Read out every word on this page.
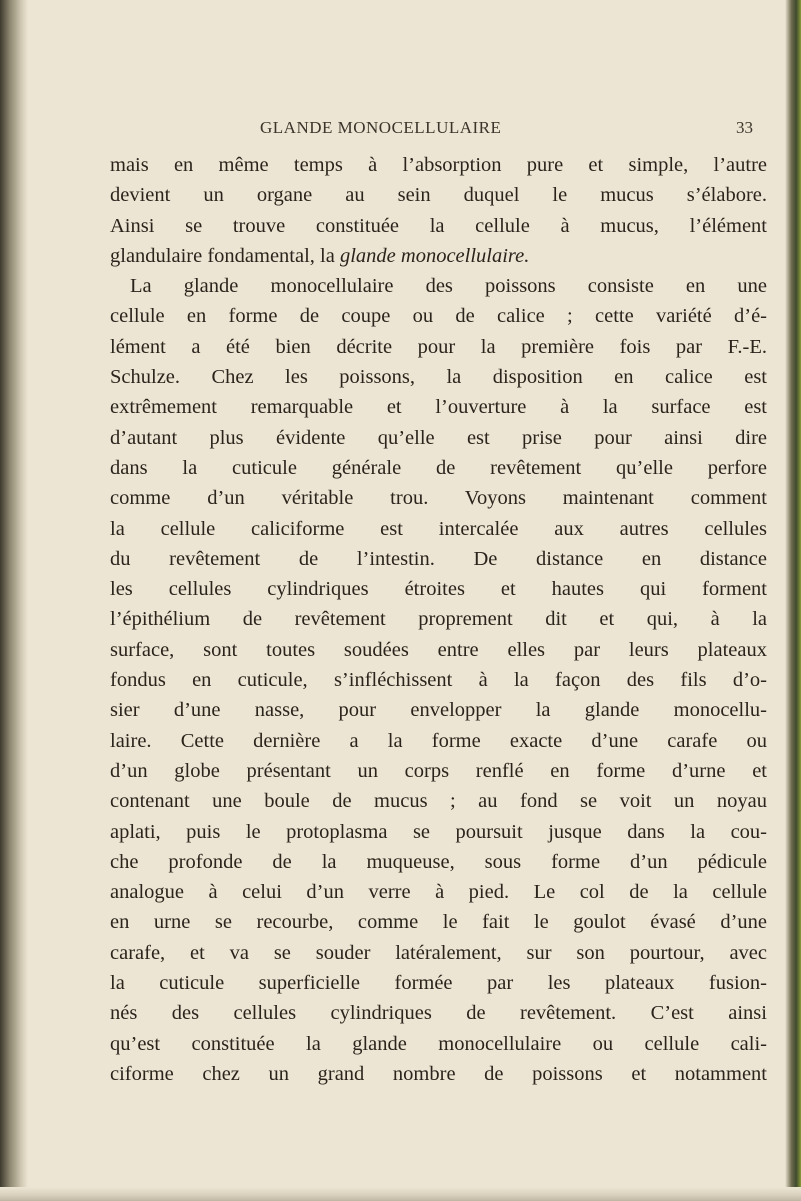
GLANDE MONOCELLULAIRE	33
mais en même temps à l’absorption pure et simple, l’autre
devient un organe au sein duquel le mucus s’élabore.
Ainsi se trouve constituée la cellule à mucus, l’élément
glandulaire fondamental, la glande monocellulaire.
La glande monocellulaire des poissons consiste en une
cellule en forme de coupe ou de calice ; cette variété d’é-
lément a été bien décrite pour la première fois par F.-E.
Schulze. Chez les poissons, la disposition en calice est
extrêmement remarquable et l’ouverture à la surface est
d’autant plus évidente qu’elle est prise pour ainsi dire
dans la cuticule générale de revêtement qu’elle perfore
comme d’un véritable trou. Voyons maintenant comment
la cellule caliciforme est intercalée aux autres cellules
du revêtement de l’intestin. De distance en distance
les cellules cylindriques étroites et hautes qui forment
l’épithélium de revêtement proprement dit et qui, à la
surface, sont toutes soudées entre elles par leurs plateaux
fondus en cuticule, s’infléchissent à la façon des fils d’o-
sier d’une nasse, pour envelopper la glande monocellu-
laire. Cette dernière a la forme exacte d’une carafe ou
d’un globe présentant un corps renflé en forme d’urne et
contenant une boule de mucus ; au fond se voit un noyau
aplati, puis le protoplasma se poursuit jusque dans la cou-
che profonde de la muqueuse, sous forme d’un pédicule
analogue à celui d’un verre à pied. Le col de la cellule
en urne se recourbe, comme le fait le goulot évasé d’une
carafe, et va se souder latéralement, sur son pourtour, avec
la cuticule superficielle formée par les plateaux fusion-
nés des cellules cylindriques de revêtement. C’est ainsi
qu’est constituée la glande monocellulaire ou cellule cali-
ciforme chez un grand nombre de poissons et notamment
